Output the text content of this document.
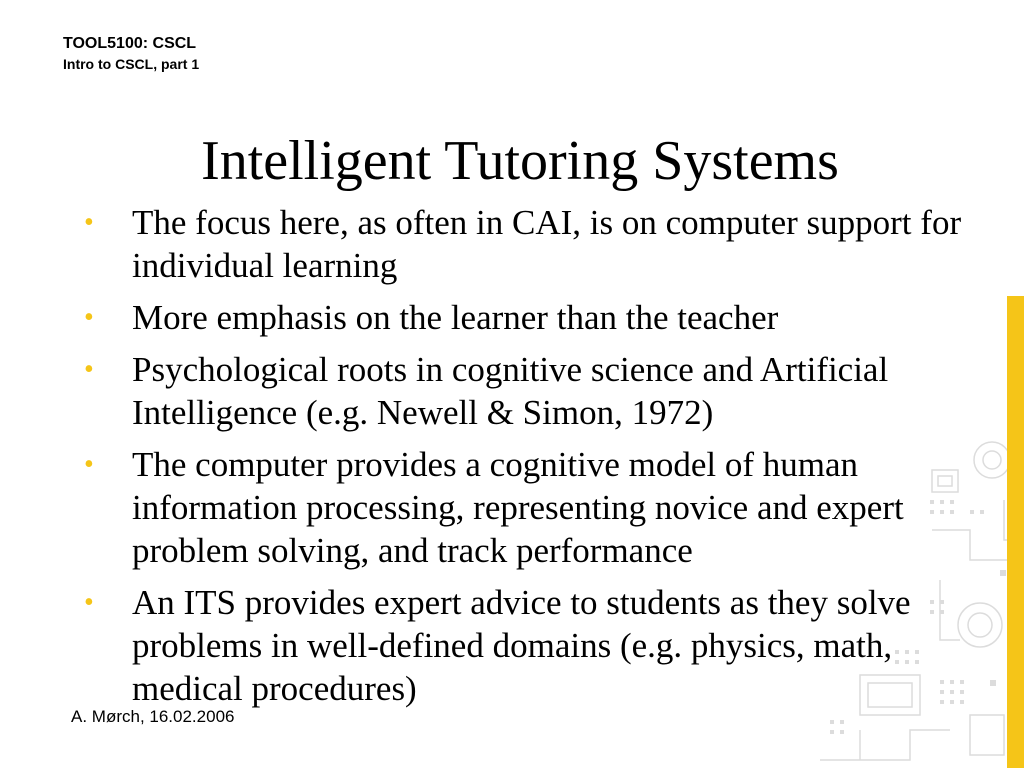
TOOL5100: CSCL
Intro to CSCL, part 1
Intelligent Tutoring Systems
• The focus here, as often in CAI, is on computer support for individual learning
• More emphasis on the learner than the teacher
• Psychological roots in cognitive science and Artificial Intelligence (e.g. Newell & Simon, 1972)
• The computer provides a cognitive model of human information processing, representing novice and expert problem solving, and track performance
• An ITS provides expert advice to students as they solve problems in well-defined domains (e.g. physics, math, medical procedures)
A. Mørch, 16.02.2006
